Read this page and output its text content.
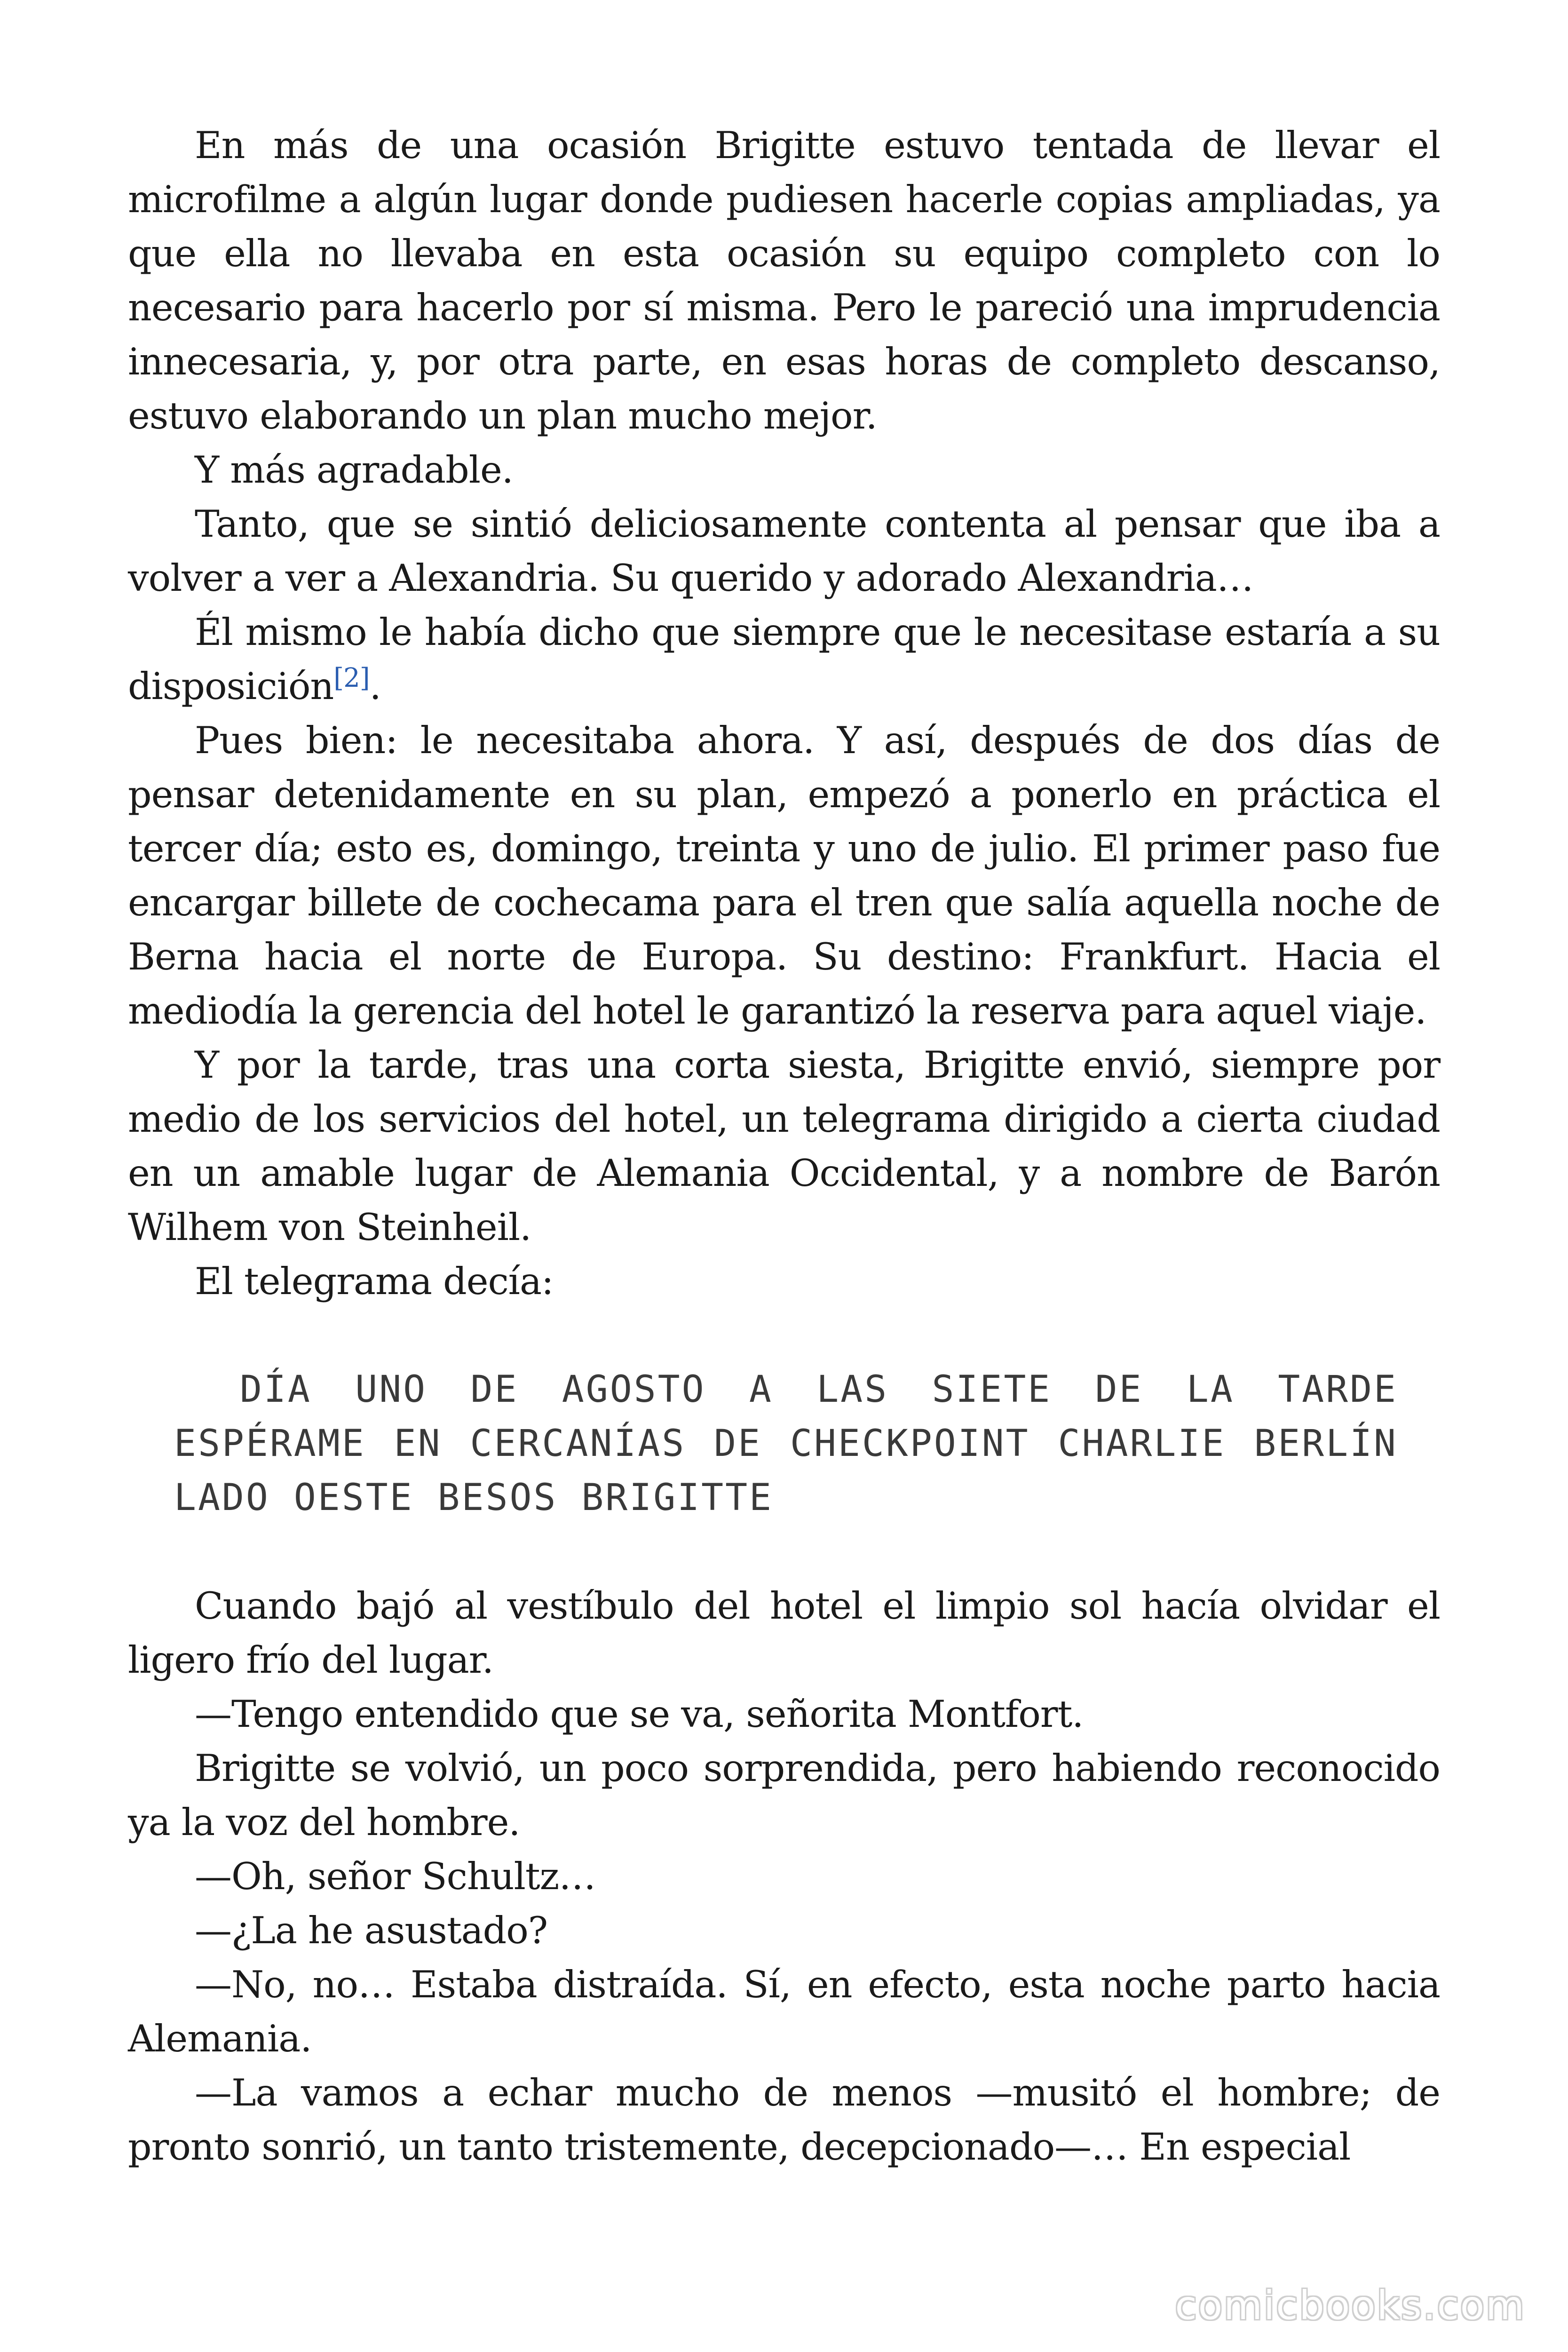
En más de una ocasión Brigitte estuvo tentada de llevar el microfilme a algún lugar donde pudiesen hacerle copias ampliadas, ya que ella no llevaba en esta ocasión su equipo completo con lo necesario para hacerlo por sí misma. Pero le pareció una imprudencia innecesaria, y, por otra parte, en esas horas de completo descanso, estuvo elaborando un plan mucho mejor.

Y más agradable.

Tanto, que se sintió deliciosamente contenta al pensar que iba a volver a ver a Alexandria. Su querido y adorado Alexandria…

Él mismo le había dicho que siempre que le necesitase estaría a su disposición[2].

Pues bien: le necesitaba ahora. Y así, después de dos días de pensar detenidamente en su plan, empezó a ponerlo en práctica el tercer día; esto es, domingo, treinta y uno de julio. El primer paso fue encargar billete de cochecama para el tren que salía aquella noche de Berna hacia el norte de Europa. Su destino: Frankfurt. Hacia el mediodía la gerencia del hotel le garantizó la reserva para aquel viaje.

Y por la tarde, tras una corta siesta, Brigitte envió, siempre por medio de los servicios del hotel, un telegrama dirigido a cierta ciudad en un amable lugar de Alemania Occidental, y a nombre de Barón Wilhem von Steinheil.

El telegrama decía:

DÍA UNO DE AGOSTO A LAS SIETE DE LA TARDE ESPÉRAME EN CERCANÍAS DE CHECKPOINT CHARLIE BERLÍN LADO OESTE BESOS BRIGITTE

Cuando bajó al vestíbulo del hotel el limpio sol hacía olvidar el ligero frío del lugar.

—Tengo entendido que se va, señorita Montfort.

Brigitte se volvió, un poco sorprendida, pero habiendo reconocido ya la voz del hombre.

—Oh, señor Schultz…

—¿La he asustado?

—No, no… Estaba distraída. Sí, en efecto, esta noche parto hacia Alemania.

—La vamos a echar mucho de menos —musitó el hombre; de pronto sonrió, un tanto tristemente, decepcionado—… En especial

comicbooks.com
